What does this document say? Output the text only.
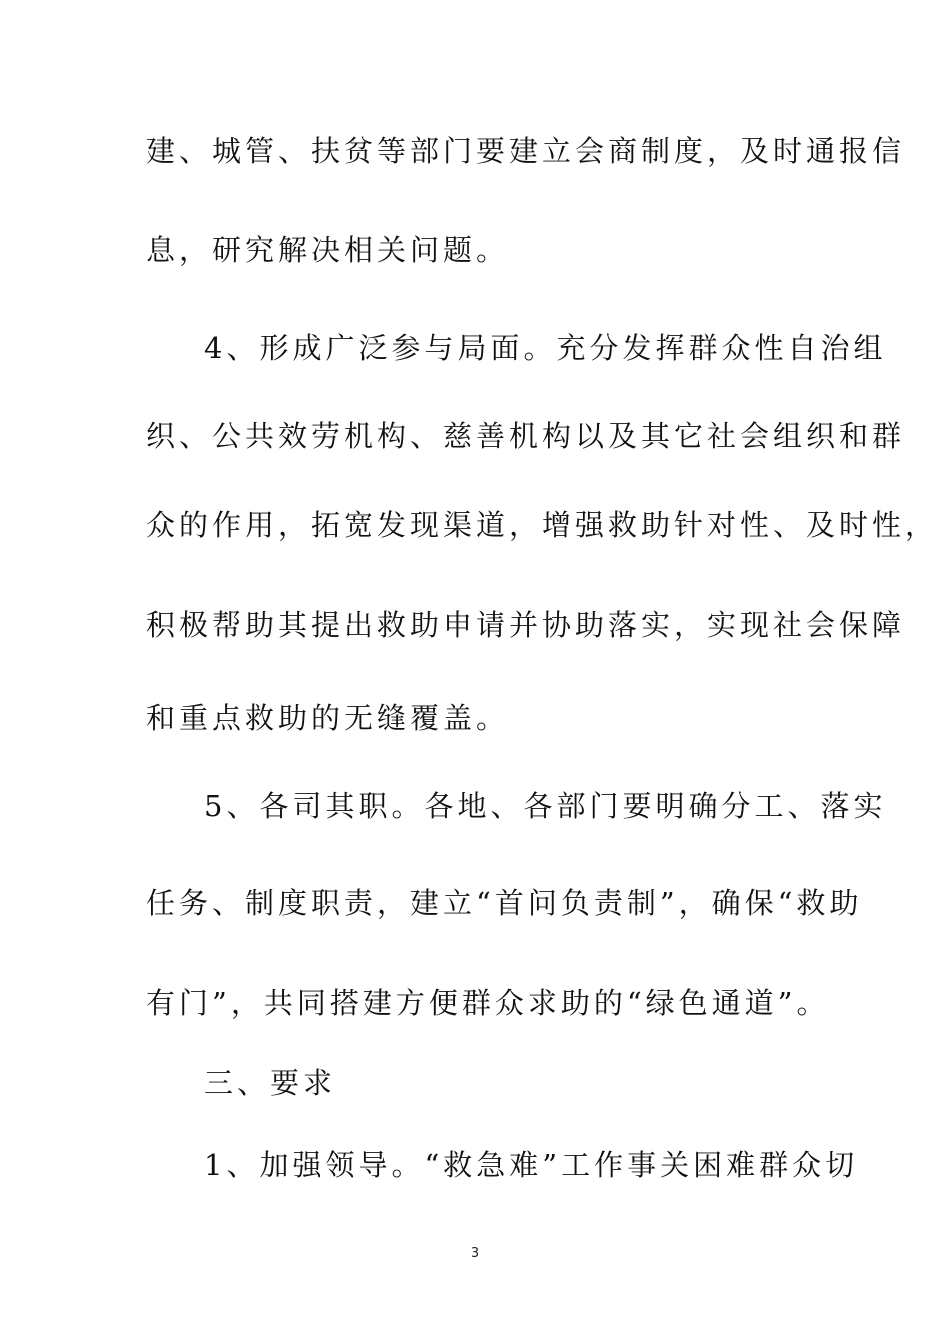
建、城管、扶贫等部门要建立会商制度，及时通报信
息，研究解决相关问题。
4、形成广泛参与局面。充分发挥群众性自治组
织、公共效劳机构、慈善机构以及其它社会组织和群
众的作用，拓宽发现渠道，增强救助针对性、及时性，
积极帮助其提出救助申请并协助落实，实现社会保障
和重点救助的无缝覆盖。
5、各司其职。各地、各部门要明确分工、落实
任务、制度职责，建立“首问负责制”，确保“救助
有门”，共同搭建方便群众求助的“绿色通道”。
三、要求
1、加强领导。“救急难”工作事关困难群众切
3
